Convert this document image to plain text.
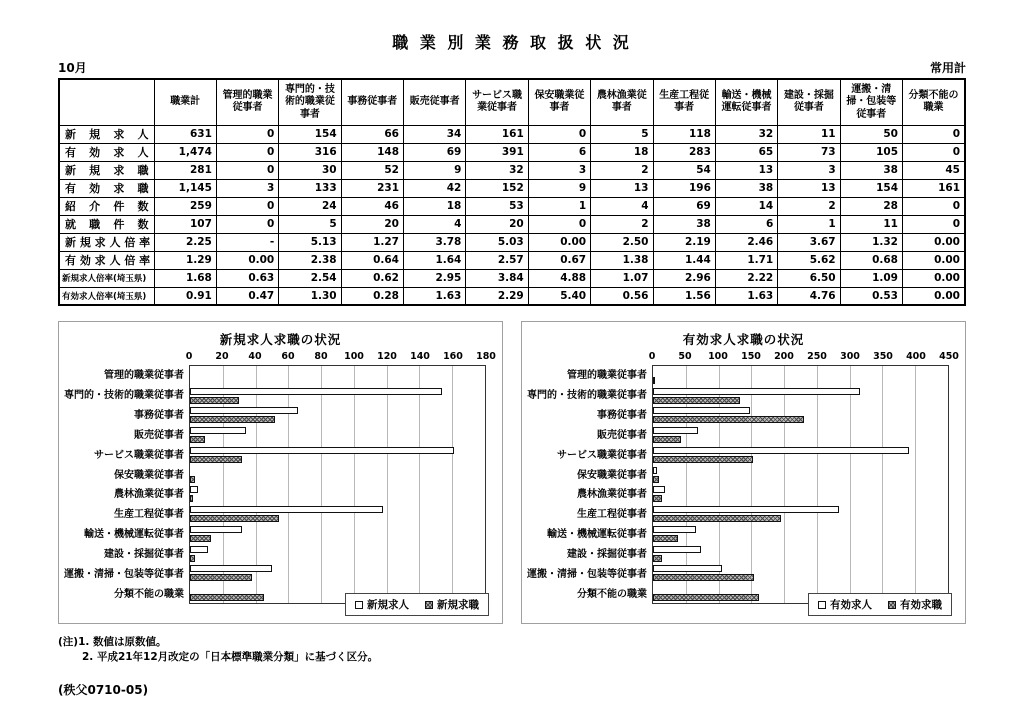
職 業 別 業 務 取 扱 状 況
10月	常用計
	職業計	管理的職業従事者	専門的・技術的職業従事者	事務従事者	販売従事者	サービス職業従事者	保安職業従事者	農林漁業従事者	生産工程従事者	輸送・機械運転従事者	建設・採掘従事者	運搬・清掃・包装等従事者	分類不能の職業
新 規 求 人	631	0	154	66	34	161	0	5	118	32	11	50	0
有 効 求 人	1,474	0	316	148	69	391	6	18	283	65	73	105	0
新 規 求 職	281	0	30	52	9	32	3	2	54	13	3	38	45
有 効 求 職	1,145	3	133	231	42	152	9	13	196	38	13	154	161
紹 介 件 数	259	0	24	46	18	53	1	4	69	14	2	28	0
就 職 件 数	107	0	5	20	4	20	0	2	38	6	1	11	0
新 規 求 人 倍 率	2.25	-	5.13	1.27	3.78	5.03	0.00	2.50	2.19	2.46	3.67	1.32	0.00
有 効 求 人 倍 率	1.29	0.00	2.38	0.64	1.64	2.57	0.67	1.38	1.44	1.71	5.62	0.68	0.00
新規求人倍率(埼玉県)	1.68	0.63	2.54	0.62	2.95	3.84	4.88	1.07	2.96	2.22	6.50	1.09	0.00
有効求人倍率(埼玉県)	0.91	0.47	1.30	0.28	1.63	2.29	5.40	0.56	1.56	1.63	4.76	0.53	0.00
新規求人求職の状況
管理的職業従事者
専門的・技術的職業従事者
事務従事者
販売従事者
サービス職業従事者
保安職業従事者
農林漁業従事者
生産工程従事者
輸送・機械運転従事者
建設・採掘従事者
運搬・清掃・包装等従事者
分類不能の職業
0 20 40 60 80 100 120 140 160 180
新規求人	新規求職
有効求人求職の状況
管理的職業従事者
専門的・技術的職業従事者
事務従事者
販売従事者
サービス職業従事者
保安職業従事者
農林漁業従事者
生産工程従事者
輸送・機械運転従事者
建設・採掘従事者
運搬・清掃・包装等従事者
分類不能の職業
0 50 100 150 200 250 300 350 400 450
有効求人	有効求職
(注)1. 数値は原数値。
2. 平成21年12月改定の「日本標準職業分類」に基づく区分。
(秩父0710-05)
